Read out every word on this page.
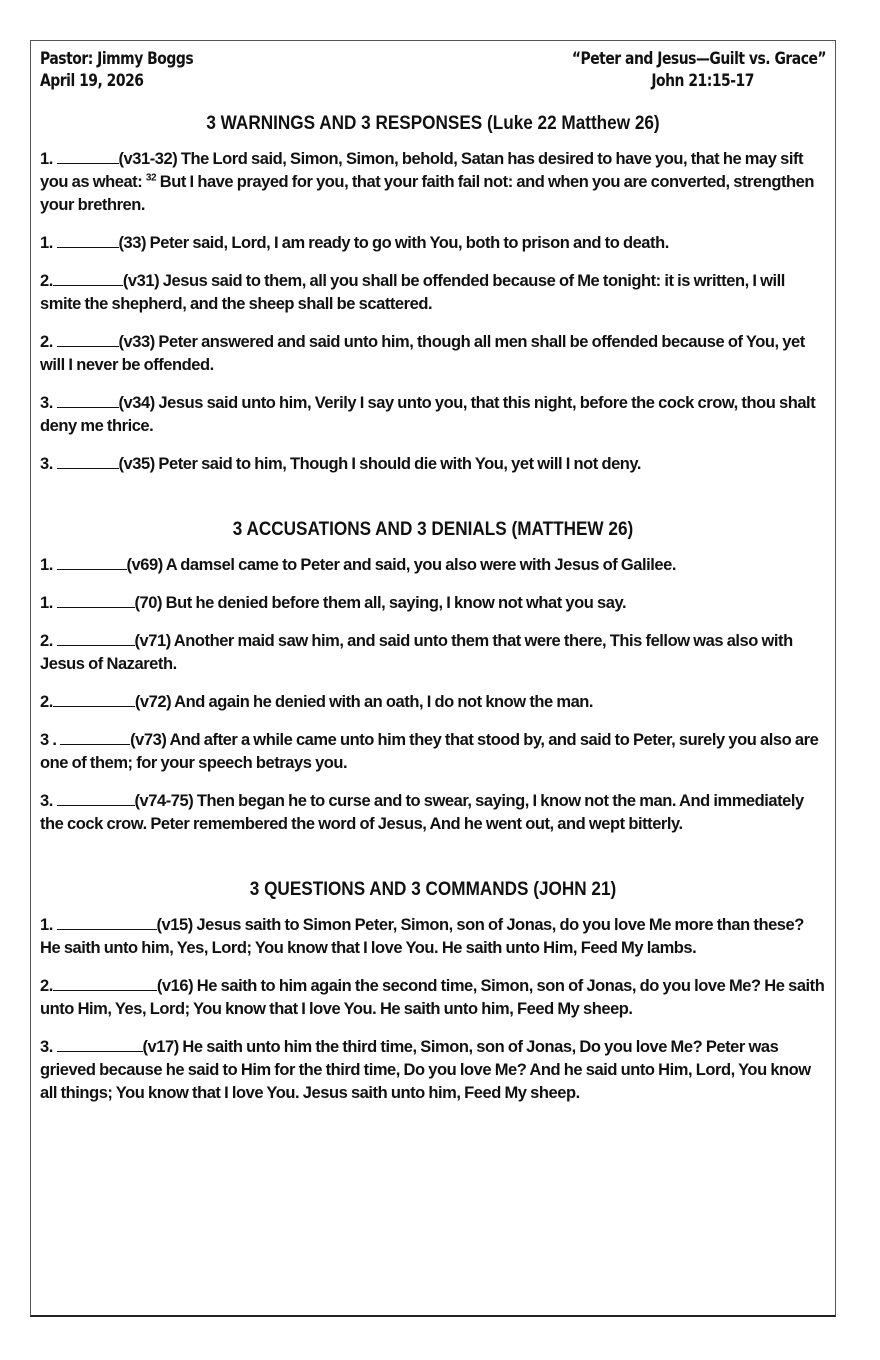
Pastor: Jimmy Boggs
April 19, 2026
“Peter and Jesus—Guilt vs. Grace”
John 21:15-17
3 WARNINGS AND 3 RESPONSES (Luke 22 Matthew 26)

1.	(v31-32) The Lord said, Simon, Simon, behold, Satan has desired to have you, that he may sift you as wheat: $^{32}$ But I have prayed for you, that your faith fail not: and when you are converted, strengthen your brethren.

1.	(33) Peter said, Lord, I am ready to go with You, both to prison and to death.

2.	(v31) Jesus said to them, all you shall be offended because of Me tonight: it is written, I will smite the shepherd, and the sheep shall be scattered.

2.	(v33) Peter answered and said unto him, though all men shall be offended because of You, yet will I never be offended.

3.	(v34) Jesus said unto him, Verily I say unto you, that this night, before the cock crow, thou shalt deny me thrice.

3.	(v35) Peter said to him, Though I should die with You, yet will I not deny.

3 ACCUSATIONS AND 3 DENIALS (MATTHEW 26)

1.	(v69) A damsel came to Peter and said, you also were with Jesus of Galilee.

1.	(70) But he denied before them all, saying, I know not what you say.

2.	(v71) Another maid saw him, and said unto them that were there, This fellow was also with Jesus of Nazareth.

2.	(v72) And again he denied with an oath, I do not know the man.

3 .	(v73) And after a while came unto him they that stood by, and said to Peter, surely you also are one of them; for your speech betrays you.

3.	(v74-75) Then began he to curse and to swear, saying, I know not the man. And immediately the cock crow. Peter remembered the word of Jesus, And he went out, and wept bitterly.

3 QUESTIONS AND 3 COMMANDS (JOHN 21)

1.	(v15) Jesus saith to Simon Peter, Simon, son of Jonas, do you love Me more than these? He saith unto him, Yes, Lord; You know that I love You. He saith unto Him, Feed My lambs.

2.	(v16) He saith to him again the second time, Simon, son of Jonas, do you love Me? He saith unto Him, Yes, Lord; You know that I love You. He saith unto him, Feed My sheep.

3.	(v17) He saith unto him the third time, Simon, son of Jonas, Do you love Me? Peter was grieved because he said to Him for the third time, Do you love Me? And he said unto Him, Lord, You know all things; You know that I love You. Jesus saith unto him, Feed My sheep.
